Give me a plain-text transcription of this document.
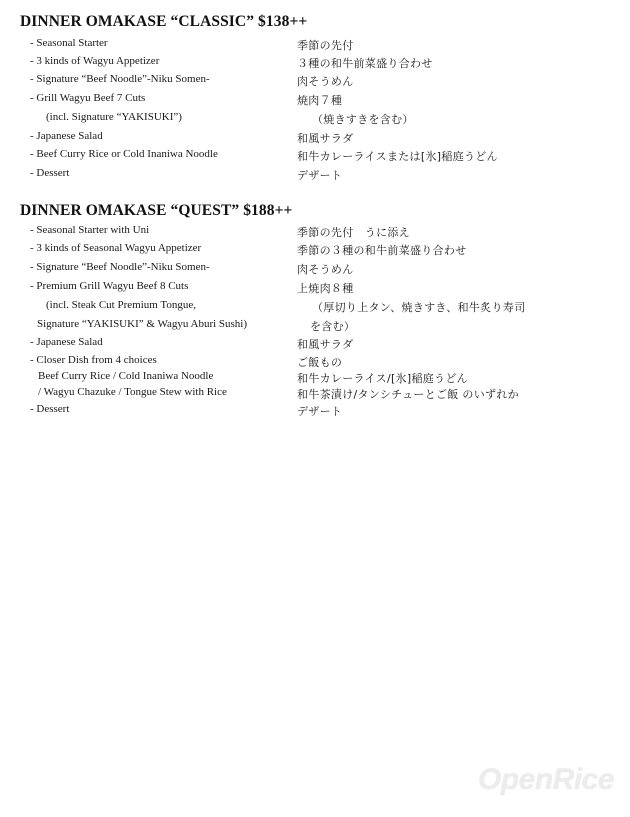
DINNER OMAKASE “CLASSIC” $138++
- Seasonal Starter	季節の先付
- 3 kinds of Wagyu Appetizer	３種の和牛前菜盛り合わせ
- Signature “Beef Noodle”-Niku Somen-	肉そうめん
- Grill Wagyu Beef 7 Cuts	焼肉７種
(incl. Signature “YAKISUKI”)	（焼きすきを含む）
- Japanese Salad	和風サラダ
- Beef Curry Rice or Cold Inaniwa Noodle	和牛カレーライスまたは[氷]稲庭うどん
- Dessert	デザート
DINNER OMAKASE “QUEST” $188++
- Seasonal Starter with Uni	季節の先付　うに添え
- 3 kinds of Seasonal Wagyu Appetizer	季節の３種の和牛前菜盛り合わせ
- Signature “Beef Noodle”-Niku Somen-	肉そうめん
- Premium Grill Wagyu Beef 8 Cuts	上焼肉８種
(incl. Steak Cut Premium Tongue,	（厚切り上タン、焼きすき、和牛炙り寿司
Signature “YAKISUKI” & Wagyu Aburi Sushi)	を含む）
- Japanese Salad	和風サラダ
- Closer Dish from 4 choices	ご飯もの
Beef Curry Rice / Cold Inaniwa Noodle	和牛カレーライス/[氷]稲庭うどん
/ Wagyu Chazuke / Tongue Stew with Rice	和牛茶漬け/タンシチューとご飯 のいずれか
- Dessert	デザート
OpenRice
